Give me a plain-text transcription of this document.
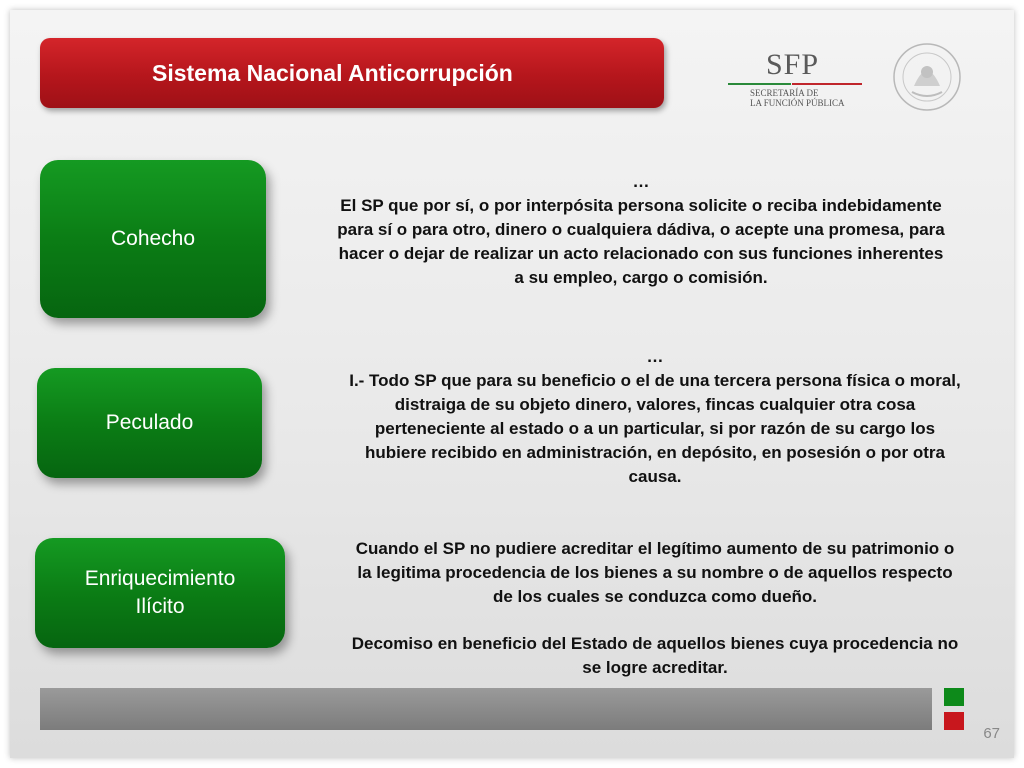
Sistema Nacional Anticorrupción	SFP
SECRETARÍA DE
LA FUNCIÓN PÚBLICA
Cohecho
…
El SP que por sí, o por interpósita persona solicite o reciba indebidamente para sí o para otro, dinero o cualquiera dádiva, o acepte una promesa, para hacer o dejar de realizar un acto relacionado con sus funciones inherentes a su empleo, cargo o comisión.
Peculado
…
I.- Todo SP que para su beneficio o el de una tercera persona física o moral, distraiga de su objeto dinero, valores, fincas cualquier otra cosa perteneciente al estado o a un particular, si por razón de su cargo los hubiere recibido en administración, en depósito, en posesión o por otra causa.
Enriquecimiento
Ilícito
Cuando el SP no pudiere acreditar el legítimo aumento de su patrimonio o la legitima procedencia de los bienes a su nombre o de aquellos respecto de los cuales se conduzca como dueño.
Decomiso en beneficio del Estado de aquellos bienes cuya procedencia no se logre acreditar.
67
